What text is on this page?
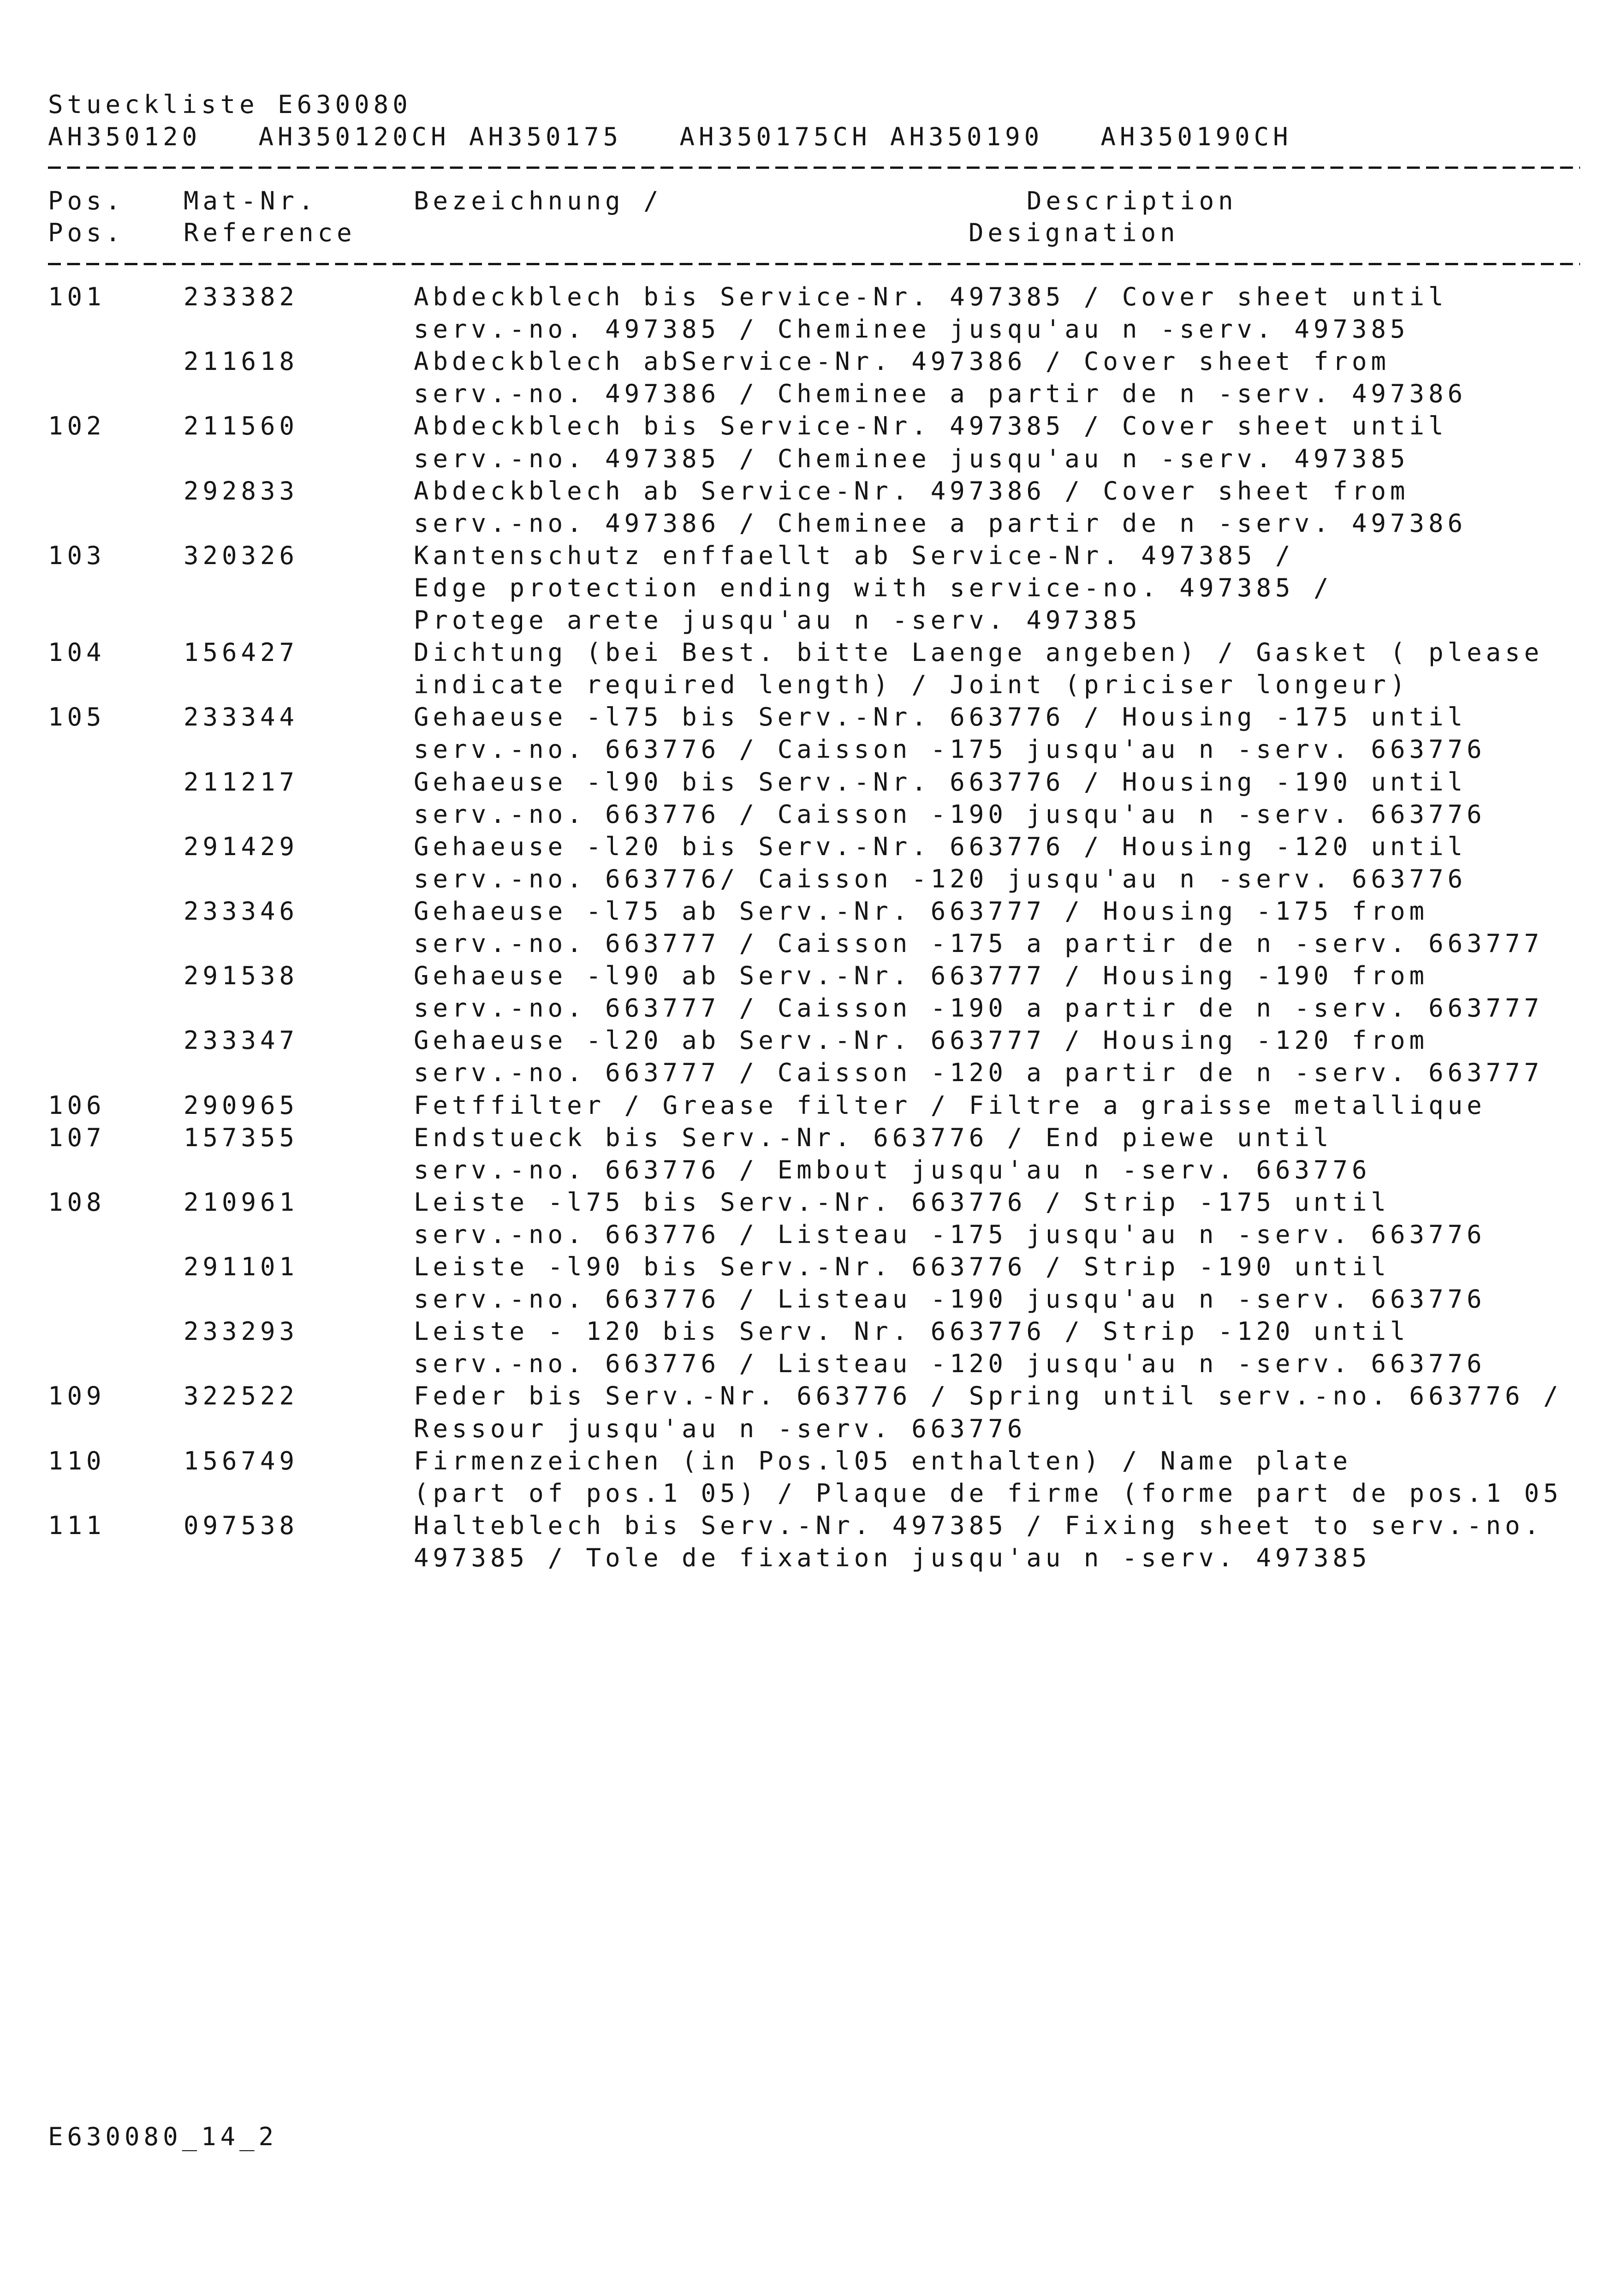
Stueckliste E630080
AH350120 AH350120CH AH350175 AH350175CH AH350190 AH350190CH
Pos. Mat-Nr.	Bezeichnung /	Description
Pos. Reference	Designation
101	233382	Abdeckblech bis Service-Nr. 497385 / Cover sheet until
serv.-no. 497385 / Cheminee jusqu'au n -serv. 497385
211618	Abdeckblech abService-Nr. 497386 / Cover sheet from
serv.-no. 497386 / Cheminee a partir de n -serv. 497386
102	211560	Abdeckblech bis Service-Nr. 497385 / Cover sheet until
serv.-no. 497385 / Cheminee jusqu'au n -serv. 497385
292833	Abdeckblech ab Service-Nr. 497386 / Cover sheet from
serv.-no. 497386 / Cheminee a partir de n -serv. 497386
103	320326	Kantenschutz enffaellt ab Service-Nr. 497385 /
Edge protection ending with service-no. 497385 /
Protege arete jusqu'au n -serv. 497385
104	156427	Dichtung (bei Best. bitte Laenge angeben) / Gasket ( please
indicate required length) / Joint (priciser longeur)
105	233344	Gehaeuse -l75 bis Serv.-Nr. 663776 / Housing -175 until
serv.-no. 663776 / Caisson -175 jusqu'au n -serv. 663776
211217	Gehaeuse -l90 bis Serv.-Nr. 663776 / Housing -190 until
serv.-no. 663776 / Caisson -190 jusqu'au n -serv. 663776
291429	Gehaeuse -l20 bis Serv.-Nr. 663776 / Housing -120 until
serv.-no. 663776/ Caisson -120 jusqu'au n -serv. 663776
233346	Gehaeuse -l75 ab Serv.-Nr. 663777 / Housing -175 from
serv.-no. 663777 / Caisson -175 a partir de n -serv. 663777
291538	Gehaeuse -l90 ab Serv.-Nr. 663777 / Housing -190 from
serv.-no. 663777 / Caisson -190 a partir de n -serv. 663777
233347	Gehaeuse -l20 ab Serv.-Nr. 663777 / Housing -120 from
serv.-no. 663777 / Caisson -120 a partir de n -serv. 663777
106	290965	Fetffilter / Grease filter / Filtre a graisse metallique
107	157355	Endstueck bis Serv.-Nr. 663776 / End piewe until
serv.-no. 663776 / Embout jusqu'au n -serv. 663776
108	210961	Leiste -l75 bis Serv.-Nr. 663776 / Strip -175 until
serv.-no. 663776 / Listeau -175 jusqu'au n -serv. 663776
291101	Leiste -l90 bis Serv.-Nr. 663776 / Strip -190 until
serv.-no. 663776 / Listeau -190 jusqu'au n -serv. 663776
233293	Leiste - 120 bis Serv. Nr. 663776 / Strip -120 until
serv.-no. 663776 / Listeau -120 jusqu'au n -serv. 663776
109	322522	Feder bis Serv.-Nr. 663776 / Spring until serv.-no. 663776 /
Ressour jusqu'au n -serv. 663776
110	156749	Firmenzeichen (in Pos.l05 enthalten) / Name plate
(part of pos.1 05) / Plaque de firme (forme part de pos.1 05
111	097538	Halteblech bis Serv.-Nr. 497385 / Fixing sheet to serv.-no.
497385 / Tole de fixation jusqu'au n -serv. 497385
E630080_14_2
